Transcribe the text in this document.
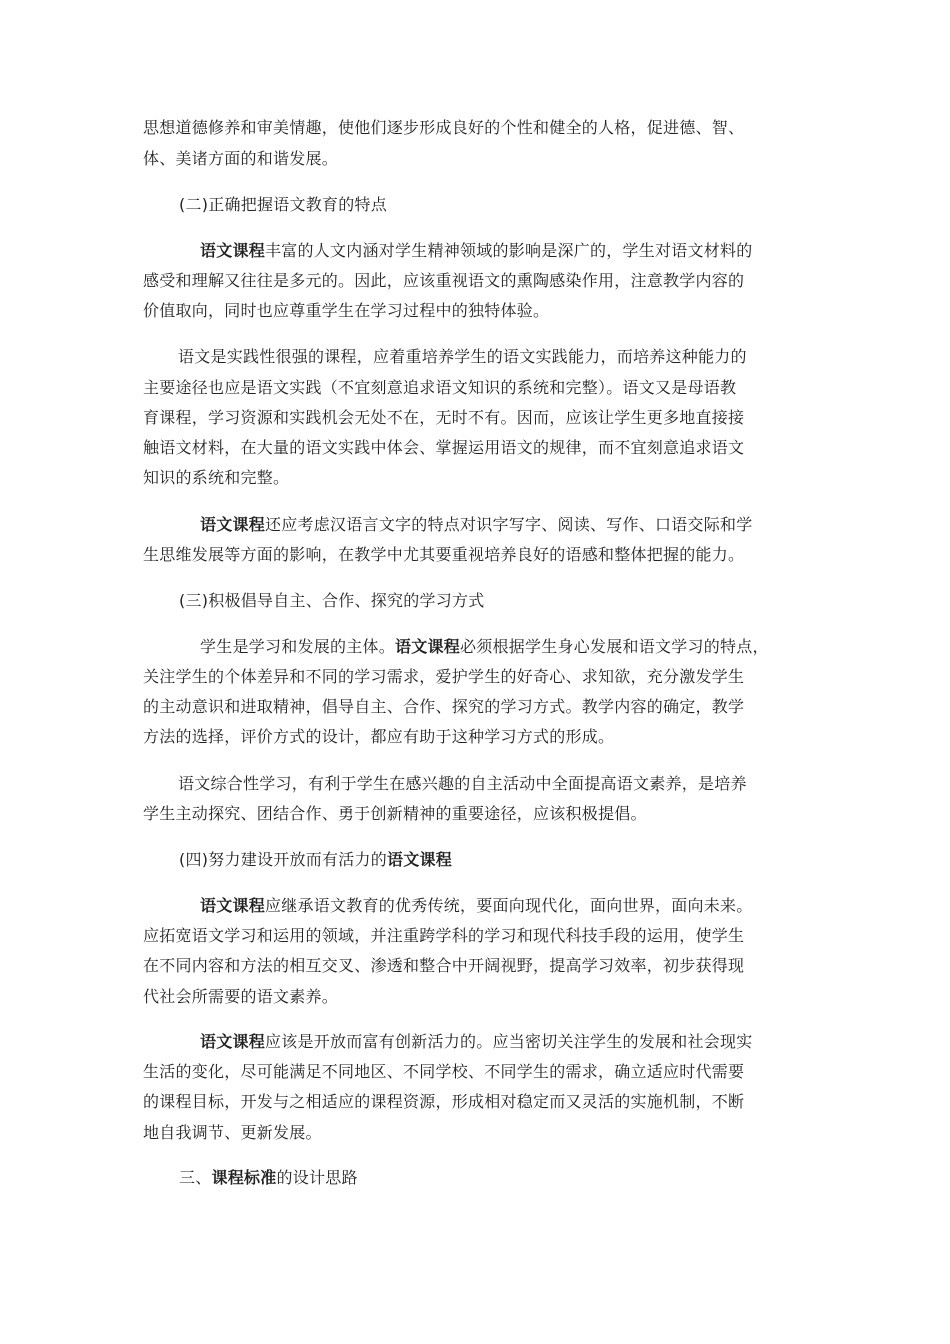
思想道德修养和审美情趣，使他们逐步形成良好的个性和健全的人格，促进德、智、
体、美诸方面的和谐发展。
(二)正确把握语文教育的特点
语文课程丰富的人文内涵对学生精神领域的影响是深广的，学生对语文材料的
感受和理解又往往是多元的。因此，应该重视语文的熏陶感染作用，注意教学内容的
价值取向，同时也应尊重学生在学习过程中的独特体验。
语文是实践性很强的课程，应着重培养学生的语文实践能力，而培养这种能力的
主要途径也应是语文实践（不宜刻意追求语文知识的系统和完整）。语文又是母语教
育课程，学习资源和实践机会无处不在，无时不有。因而，应该让学生更多地直接接
触语文材料，在大量的语文实践中体会、掌握运用语文的规律，而不宜刻意追求语文
知识的系统和完整。
语文课程还应考虑汉语言文字的特点对识字写字、阅读、写作、口语交际和学
生思维发展等方面的影响，在教学中尤其要重视培养良好的语感和整体把握的能力。
(三)积极倡导自主、合作、探究的学习方式
学生是学习和发展的主体。语文课程必须根据学生身心发展和语文学习的特点，
关注学生的个体差异和不同的学习需求，爱护学生的好奇心、求知欲，充分激发学生
的主动意识和进取精神，倡导自主、合作、探究的学习方式。教学内容的确定，教学
方法的选择，评价方式的设计，都应有助于这种学习方式的形成。
语文综合性学习，有利于学生在感兴趣的自主活动中全面提高语文素养，是培养
学生主动探究、团结合作、勇于创新精神的重要途径，应该积极提倡。
(四)努力建设开放而有活力的语文课程
语文课程应继承语文教育的优秀传统，要面向现代化，面向世界，面向未来。
应拓宽语文学习和运用的领域，并注重跨学科的学习和现代科技手段的运用，使学生
在不同内容和方法的相互交叉、渗透和整合中开阔视野，提高学习效率，初步获得现
代社会所需要的语文素养。
语文课程应该是开放而富有创新活力的。应当密切关注学生的发展和社会现实
生活的变化，尽可能满足不同地区、不同学校、不同学生的需求，确立适应时代需要
的课程目标，开发与之相适应的课程资源，形成相对稳定而又灵活的实施机制，不断
地自我调节、更新发展。
三、课程标准的设计思路
